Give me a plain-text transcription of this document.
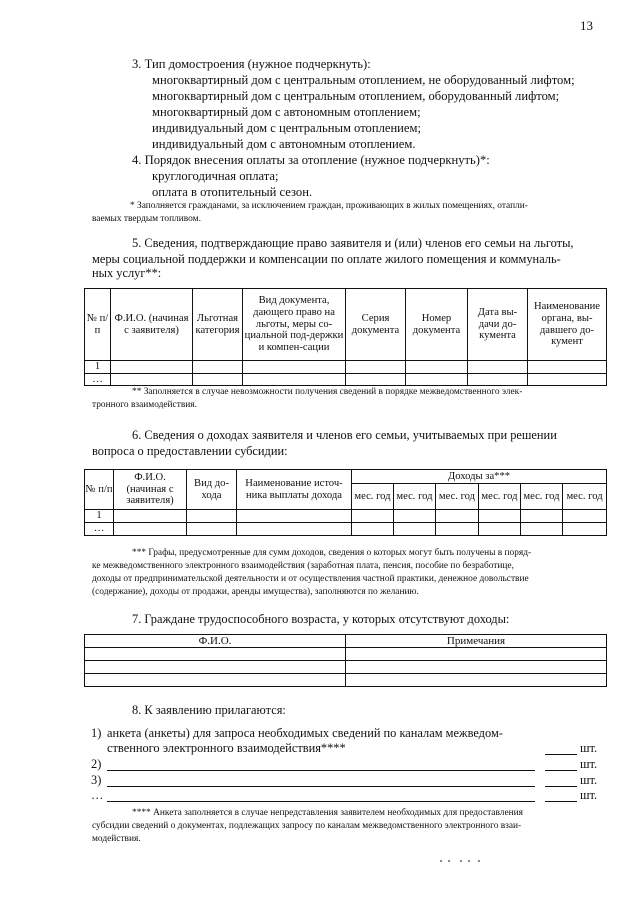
13
3. Тип домостроения (нужное подчеркнуть):
многоквартирный дом с центральным отоплением, не оборудованный лифтом;
многоквартирный дом с центральным отоплением, оборудованный лифтом;
многоквартирный дом с автономным отоплением;
индивидуальный дом с центральным отоплением;
индивидуальный дом с автономным отоплением.
4. Порядок внесения оплаты за отопление (нужное подчеркнуть)*:
круглогодичная оплата;
оплата в отопительный сезон.
* Заполняется гражданами, за исключением граждан, проживающих в жилых помещениях, отапли-
ваемых твердым топливом.
5. Сведения, подтверждающие право заявителя и (или) членов его семьи на льготы,
меры социальной поддержки и компенсации по оплате жилого помещения и коммуналь-
ных услуг**:
№ п/п	Ф.И.О. (начиная с заявителя)	Льготная категория	Вид документа, дающего право на льготы, меры со-циальной под-держки и компен-сации	Серия документа	Номер документа	Дата вы-дачи до-кумента	Наименование органа, вы-давшего до-кумент
1							
…							
** Заполняется в случае невозможности получения сведений в порядке межведомственного элек-
тронного взаимодействия.
6. Сведения о доходах заявителя и членов его семьи, учитываемых при решении
вопроса о предоставлении субсидии:
№ п/п	Ф.И.О. (начиная с заявителя)	Вид до-хода	Наименование источ-ника выплаты дохода	Доходы за***					
				мес. год	мес. год	мес. год	мес. год	мес. год	мес. год
1									
…									
*** Графы, предусмотренные для сумм доходов, сведения о которых могут быть получены в поряд-
ке межведомственного электронного взаимодействия (заработная плата, пенсия, пособие по безработице,
доходы от предпринимательской деятельности и от осуществления частной практики, денежное довольствие
(содержание), доходы от продажи, аренды имущества), заполняются по желанию.
7. Граждане трудоспособного возраста, у которых отсутствуют доходы:
Ф.И.О.	Примечания

8. К заявлению прилагаются:
1) анкета (анкеты) для запроса необходимых сведений по каналам межведом-
ственного электронного взаимодействия****	шт.
2)	шт.
3)	шт.
…	шт.
**** Анкета заполняется в случае непредставления заявителем необходимых для предоставления
субсидии сведений о документах, подлежащих запросу по каналам межведомственного электронного взаи-
модействия.
